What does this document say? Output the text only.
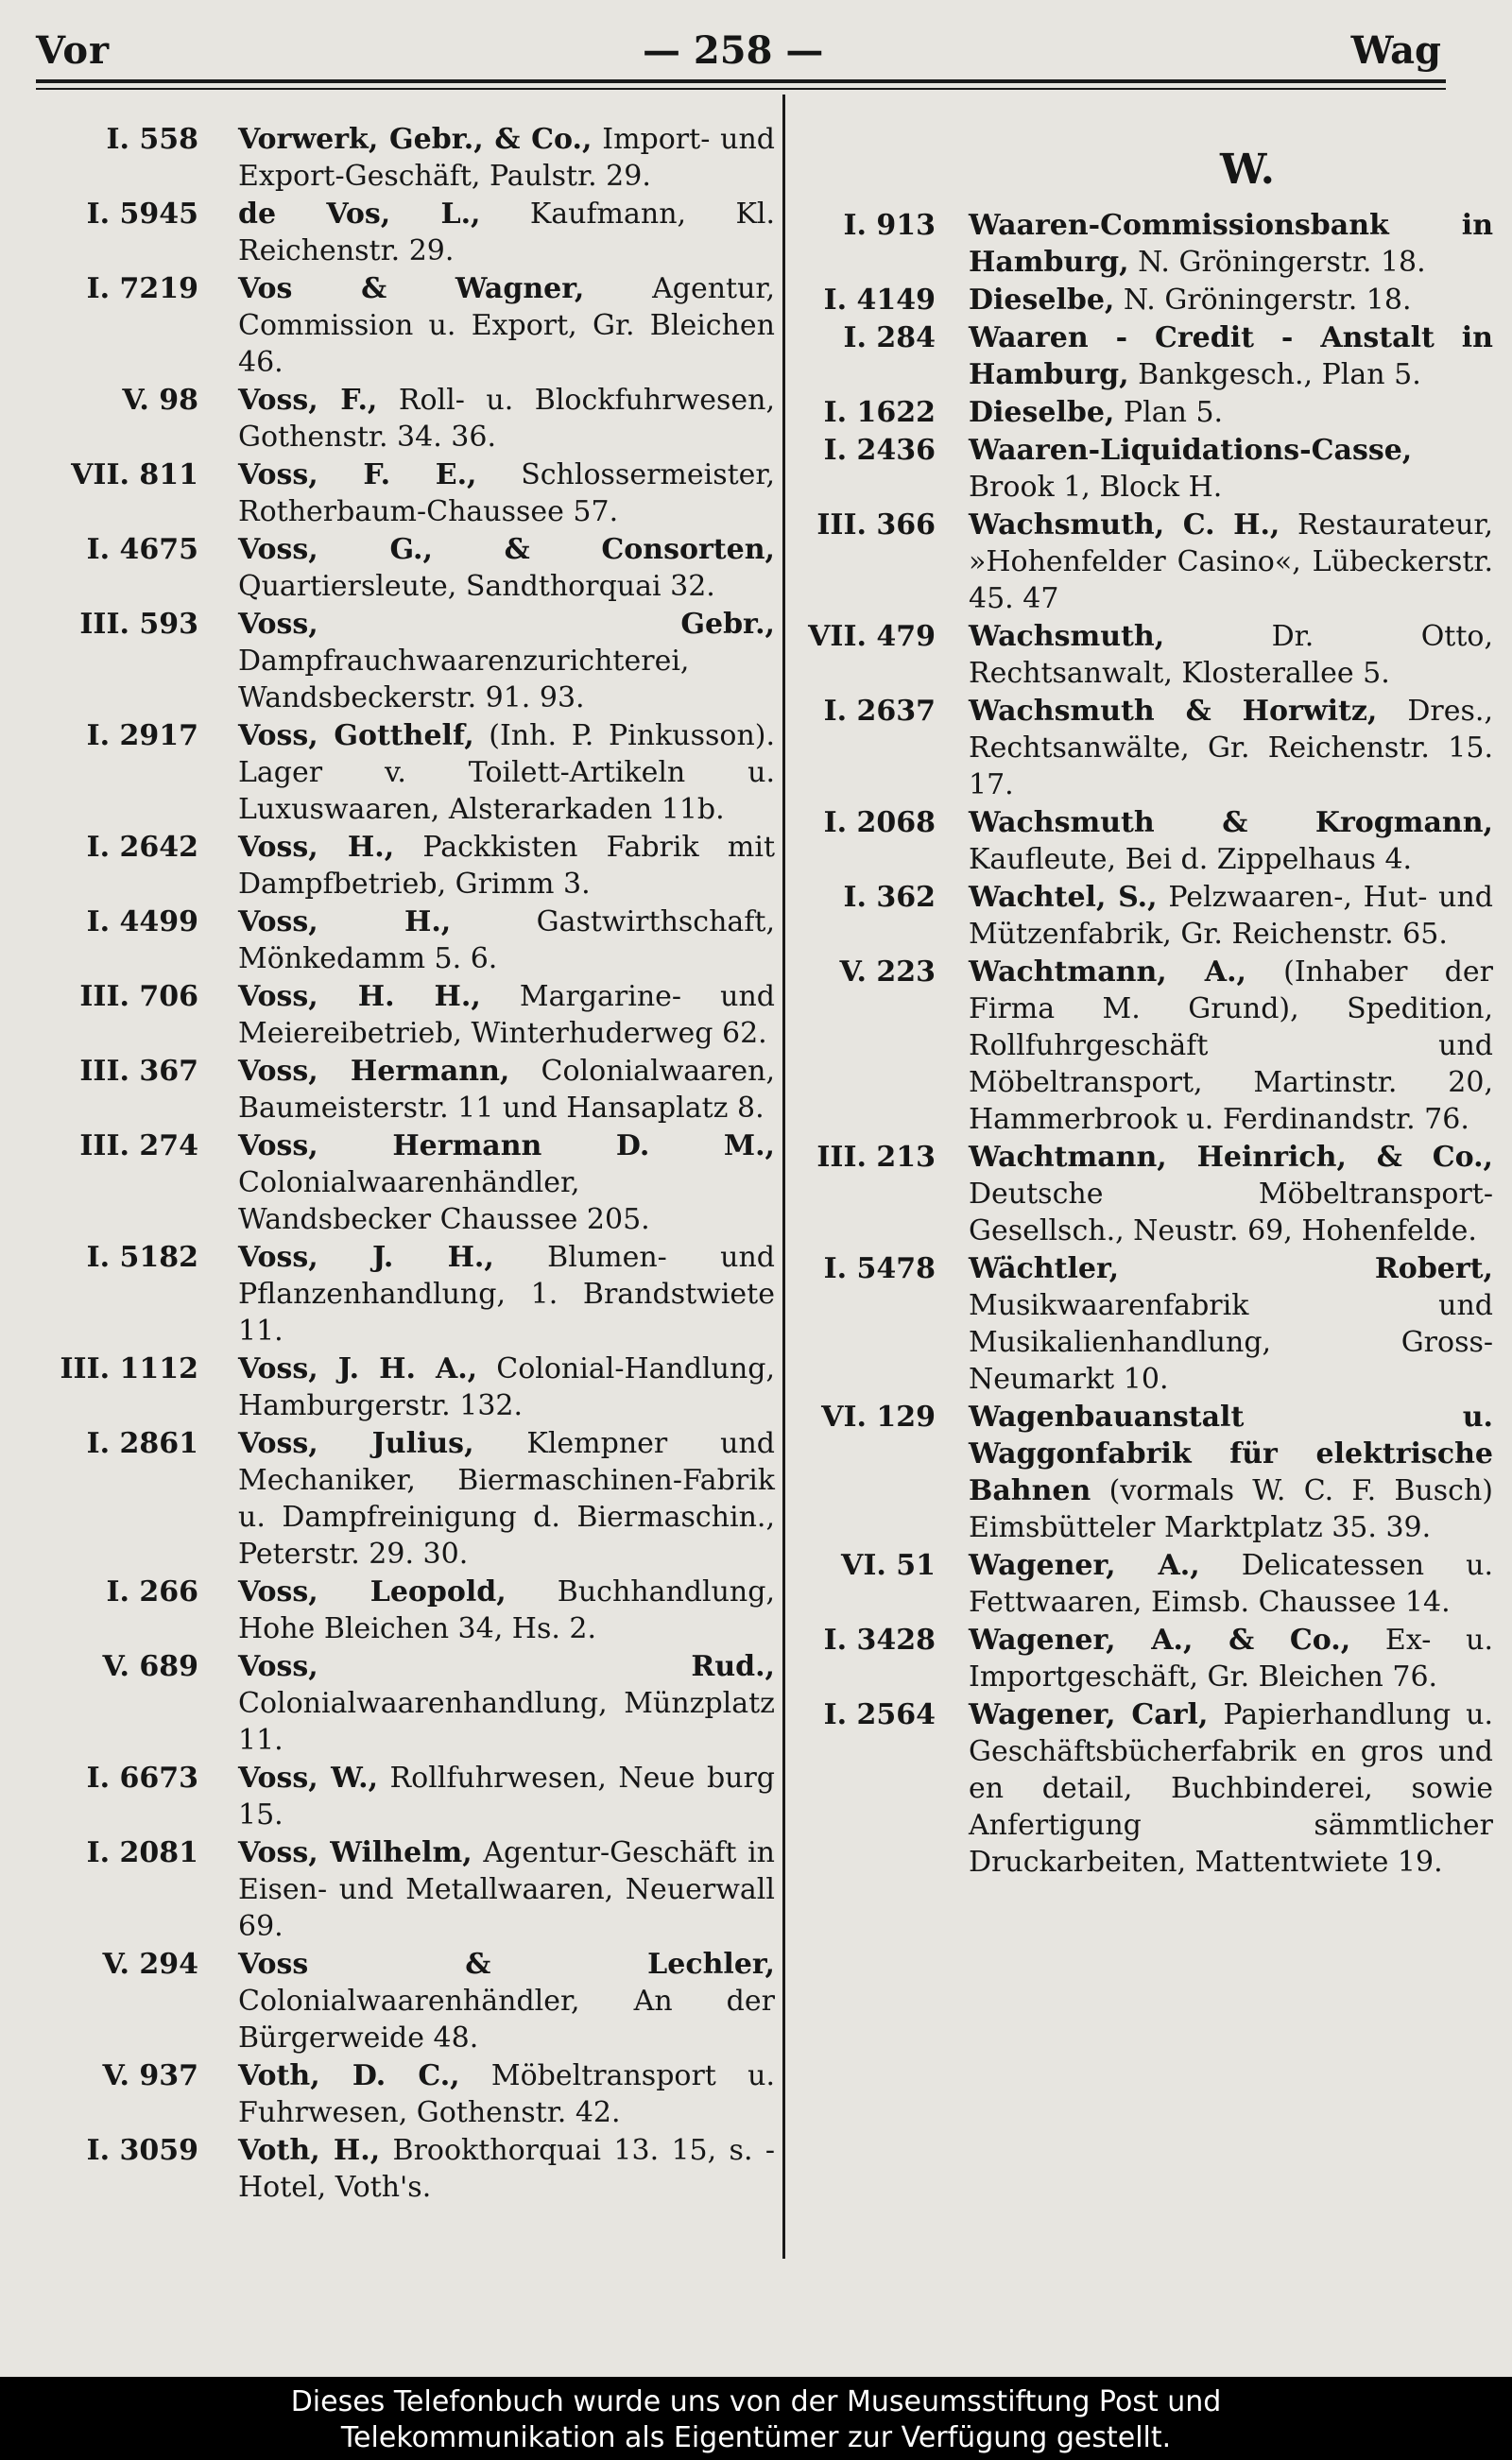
Vor	— 258 —	Wag
I. 558 Vorwerk, Gebr., & Co., Import- und Export-Geschäft, Paulstr. 29.
I. 5945 de Vos, L., Kaufmann, Kl. Reichenstr. 29.
I. 7219 Vos & Wagner, Agentur, Commission u. Export, Gr. Bleichen 46.
V. 98 Voss, F., Roll- u. Blockfuhrwesen, Gothenstr. 34. 36.
VII. 811 Voss, F. E., Schlossermeister, Rotherbaum-Chaussee 57.
I. 4675 Voss, G., & Consorten, Quartiersleute, Sandthorquai 32.
III. 593 Voss, Gebr., Dampfrauchwaarenzurichterei, Wandsbeckerstr. 91. 93.
I. 2917 Voss, Gotthelf, (Inh. P. Pinkusson). Lager v. Toilett-Artikeln u. Luxuswaaren, Alsterarkaden 11b.
I. 2642 Voss, H., Packkisten Fabrik mit Dampfbetrieb, Grimm 3.
I. 4499 Voss, H., Gastwirthschaft, Mönkedamm 5. 6.
III. 706 Voss, H. H., Margarine- und Meiereibetrieb, Winterhuderweg 62.
III. 367 Voss, Hermann, Colonialwaaren, Baumeisterstr. 11 und Hansaplatz 8.
III. 274 Voss, Hermann D. M., Colonialwaarenhändler, Wandsbecker Chaussee 205.
I. 5182 Voss, J. H., Blumen- und Pflanzenhandlung, 1. Brandstwiete 11.
III. 1112 Voss, J. H. A., Colonial-Handlung, Hamburgerstr. 132.
I. 2861 Voss, Julius, Klempner und Mechaniker, Biermaschinen-Fabrik u. Dampfreinigung d. Biermaschin., Peterstr. 29. 30.
I. 266 Voss, Leopold, Buchhandlung, Hohe Bleichen 34, Hs. 2.
V. 689 Voss, Rud., Colonialwaarenhandlung, Münzplatz 11.
I. 6673 Voss, W., Rollfuhrwesen, Neue burg 15.
I. 2081 Voss, Wilhelm, Agentur-Geschäft in Eisen- und Metallwaaren, Neuerwall 69.
V. 294 Voss & Lechler, Colonialwaarenhändler, An der Bürgerweide 48.
V. 937 Voth, D. C., Möbeltransport u. Fuhrwesen, Gothenstr. 42.
I. 3059 Voth, H., Brookthorquai 13. 15, s. -Hotel, Voth's.
W.
I. 913 Waaren-Commissionsbank in Hamburg, N. Gröningerstr. 18.
I. 4149 Dieselbe, N. Gröningerstr. 18.
I. 284 Waaren - Credit - Anstalt in Hamburg, Bankgesch., Plan 5.
I. 1622 Dieselbe, Plan 5.
I. 2436 Waaren-Liquidations-Casse, Brook 1, Block H.
III. 366 Wachsmuth, C. H., Restaurateur, »Hohenfelder Casino«, Lübeckerstr. 45. 47
VII. 479 Wachsmuth, Dr. Otto, Rechtsanwalt, Klosterallee 5.
I. 2637 Wachsmuth & Horwitz, Dres., Rechtsanwälte, Gr. Reichenstr. 15. 17.
I. 2068 Wachsmuth & Krogmann, Kaufleute, Bei d. Zippelhaus 4.
I. 362 Wachtel, S., Pelzwaaren-, Hut- und Mützenfabrik, Gr. Reichenstr. 65.
V. 223 Wachtmann, A., (Inhaber der Firma M. Grund), Spedition, Rollfuhrgeschäft und Möbeltransport, Martinstr. 20, Hammerbrook u. Ferdinandstr. 76.
III. 213 Wachtmann, Heinrich, & Co., Deutsche Möbeltransport-Gesellsch., Neustr. 69, Hohenfelde.
I. 5478 Wächtler, Robert, Musikwaarenfabrik und Musikalienhandlung, Gross-Neumarkt 10.
VI. 129 Wagenbauanstalt u. Waggonfabrik für elektrische Bahnen (vormals W. C. F. Busch) Eimsbütteler Marktplatz 35. 39.
VI. 51 Wagener, A., Delicatessen u. Fettwaaren, Eimsb. Chaussee 14.
I. 3428 Wagener, A., & Co., Ex- u. Importgeschäft, Gr. Bleichen 76.
I. 2564 Wagener, Carl, Papierhandlung u. Geschäftsbücherfabrik en gros und en detail, Buchbinderei, sowie Anfertigung sämmtlicher Druckarbeiten, Mattentwiete 19.
Dieses Telefonbuch wurde uns von der Museumsstiftung Post und
Telekommunikation als Eigentümer zur Verfügung gestellt.
